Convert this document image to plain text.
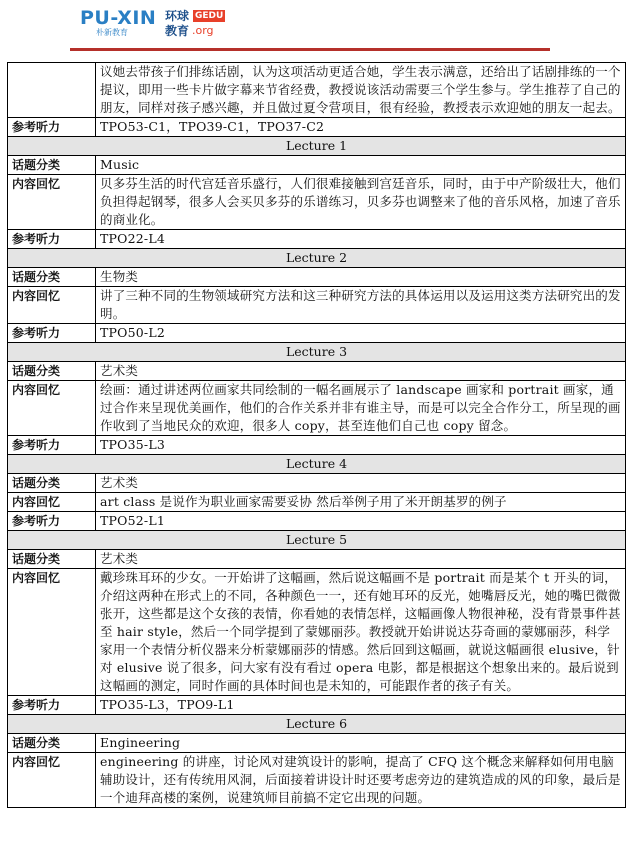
PU-XIN
朴新教育
环球
教育
GEDU
.org
	议她去带孩子们排练话剧，认为这项活动更适合她，学生表示满意，还给出了话剧排练的一个提议，即用一些卡片做字幕来节省经费，教授说该活动需要三个学生参与。学生推荐了自己的朋友，同样对孩子感兴趣，并且做过夏令营项目，很有经验，教授表示欢迎她的朋友一起去。
参考听力	TPO53-C1，TPO39-C1，TPO37-C2
Lecture 1	
话题分类	Music
内容回忆	贝多芬生活的时代宫廷音乐盛行，人们很难接触到宫廷音乐，同时，由于中产阶级壮大，他们负担得起钢琴，很多人会买贝多芬的乐谱练习，贝多芬也调整来了他的音乐风格，加速了音乐的商业化。
参考听力	TPO22-L4
Lecture 2	
话题分类	生物类
内容回忆	讲了三种不同的生物领域研究方法和这三种研究方法的具体运用以及运用这类方法研究出的发明。
参考听力	TPO50-L2
Lecture 3	
话题分类	艺术类
内容回忆	绘画：通过讲述两位画家共同绘制的一幅名画展示了 landscape 画家和 portrait 画家，通过合作来呈现优美画作，他们的合作关系并非有谁主导，而是可以完全合作分工，所呈现的画作收到了当地民众的欢迎，很多人 copy，甚至连他们自己也 copy 留念。
参考听力	TPO35-L3
Lecture 4	
话题分类	艺术类
内容回忆	art class 是说作为职业画家需要妥协 然后举例子用了米开朗基罗的例子
参考听力	TPO52-L1
Lecture 5	
话题分类	艺术类
内容回忆	戴珍珠耳环的少女。一开始讲了这幅画，然后说这幅画不是 portrait 而是某个 t 开头的词，介绍这两种在形式上的不同，各种颜色一一，还有她耳环的反光，她嘴唇反光，她的嘴巴微微张开，这些都是这个女孩的表情，你看她的表情怎样，这幅画像人物很神秘，没有背景事件甚至 hair style，然后一个同学提到了蒙娜丽莎。教授就开始讲说达芬奇画的蒙娜丽莎，科学家用一个表情分析仪器来分析蒙娜丽莎的情感。然后回到这幅画，就说这幅画很 elusive，针对 elusive 说了很多，问大家有没有看过 opera 电影，都是根据这个想象出来的。最后说到这幅画的测定，同时作画的具体时间也是未知的，可能跟作者的孩子有关。
参考听力	TPO35-L3，TPO9-L1
Lecture 6	
话题分类	Engineering
内容回忆	engineering 的讲座，讨论风对建筑设计的影响，提高了 CFQ 这个概念来解释如何用电脑辅助设计，还有传统用风洞，后面接着讲设计时还要考虑旁边的建筑造成的风的印象，最后是一个迪拜高楼的案例，说建筑师目前搞不定它出现的问题。
